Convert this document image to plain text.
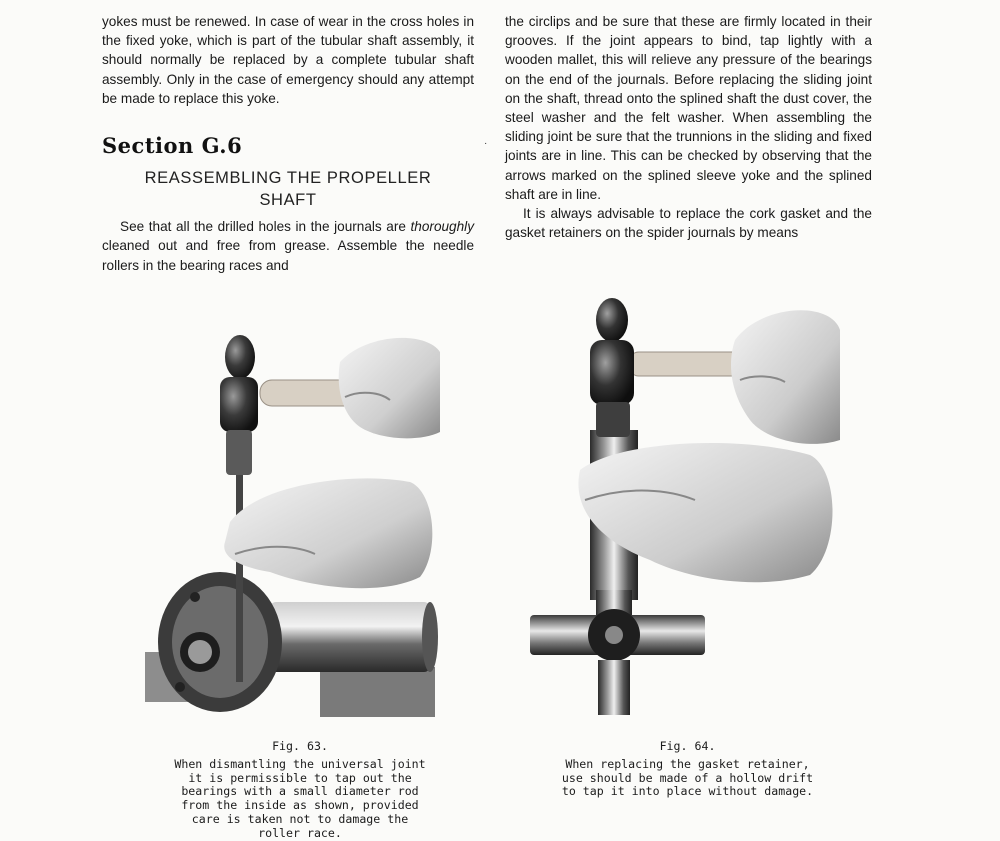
yokes must be renewed. In case of wear in the cross holes in the fixed yoke, which is part of the tubular shaft assembly, it should normally be replaced by a complete tubular shaft assembly. Only in the case of emergency should any attempt be made to replace this yoke.

Section G.6
REASSEMBLING THE PROPELLER
SHAFT

See that all the drilled holes in the journals are thoroughly cleaned out and free from grease. Assemble the needle rollers in the bearing races and

·

the circlips and be sure that these are firmly located in their grooves. If the joint appears to bind, tap lightly with a wooden mallet, this will relieve any pressure of the bearings on the end of the journals. Before replacing the sliding joint on the shaft, thread onto the splined shaft the dust cover, the steel washer and the felt washer. When assembling the sliding joint be sure that the trunnions in the sliding and fixed joints are in line. This can be checked by observing that the arrows marked on the splined sleeve yoke and the splined shaft are in line.

It is always advisable to replace the cork gasket and the gasket retainers on the spider journals by means

Fig. 63.
When dismantling the universal joint it is permissible to tap out the bearings with a small diameter rod from the inside as shown, provided care is taken not to damage the roller race.
Fig. 64.
When replacing the gasket retainer, use should be made of a hollow drift to tap it into place without damage.
